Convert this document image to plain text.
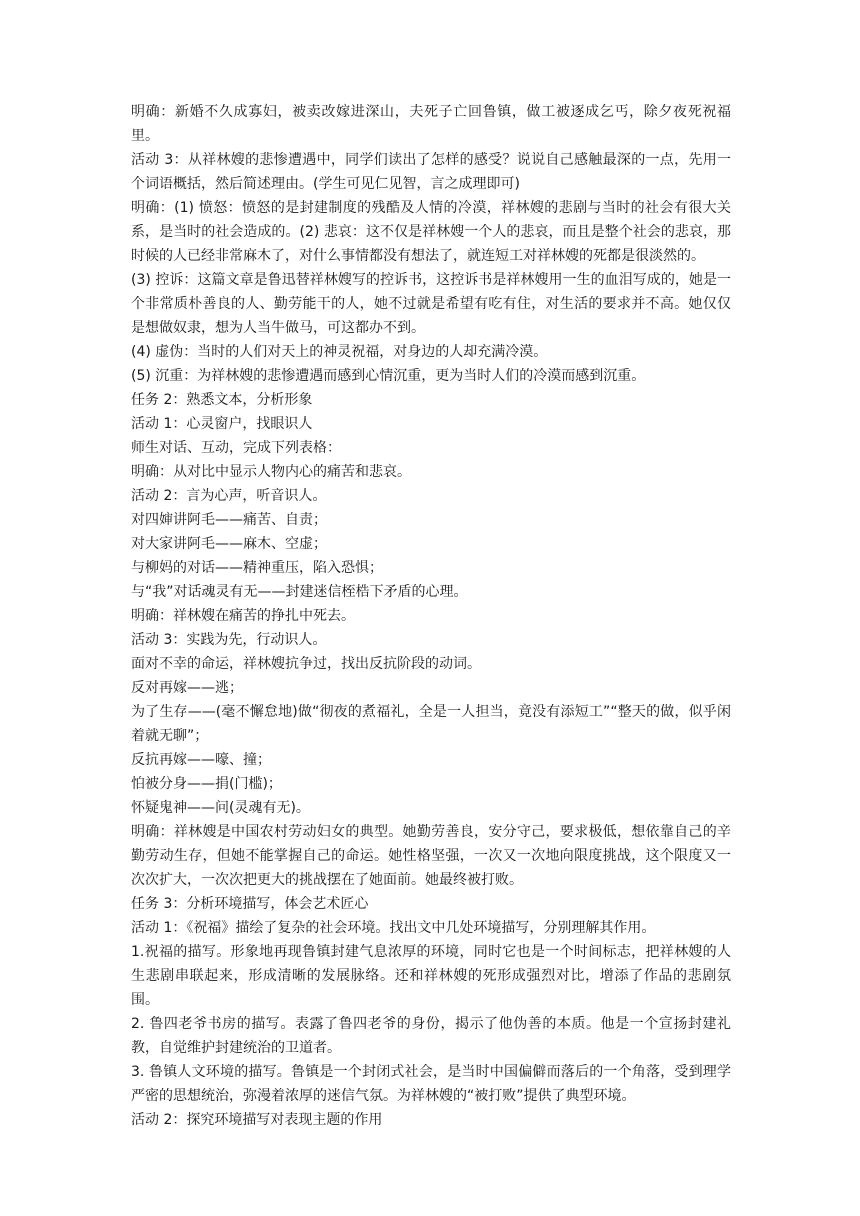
明确：新婚不久成寡妇，被卖改嫁进深山，夫死子亡回鲁镇，做工被逐成乞丐，除夕夜死祝福里。

活动 3：从祥林嫂的悲惨遭遇中，同学们读出了怎样的感受？说说自己感触最深的一点，先用一个词语概括，然后简述理由。(学生可见仁见智，言之成理即可)

明确：(1) 愤怒：愤怒的是封建制度的残酷及人情的冷漠，祥林嫂的悲剧与当时的社会有很大关系，是当时的社会造成的。(2) 悲哀：这不仅是祥林嫂一个人的悲哀，而且是整个社会的悲哀，那时候的人已经非常麻木了，对什么事情都没有想法了，就连短工对祥林嫂的死都是很淡然的。

(3) 控诉：这篇文章是鲁迅替祥林嫂写的控诉书，这控诉书是祥林嫂用一生的血泪写成的，她是一个非常质朴善良的人、勤劳能干的人，她不过就是希望有吃有住，对生活的要求并不高。她仅仅是想做奴隶，想为人当牛做马，可这都办不到。

(4) 虚伪：当时的人们对天上的神灵祝福，对身边的人却充满冷漠。

(5) 沉重：为祥林嫂的悲惨遭遇而感到心情沉重，更为当时人们的冷漠而感到沉重。

任务 2：熟悉文本，分析形象

活动 1：心灵窗户，找眼识人

师生对话、互动，完成下列表格：

明确：从对比中显示人物内心的痛苦和悲哀。

活动 2：言为心声，听音识人。

对四婶讲阿毛——痛苦、自责；

对大家讲阿毛——麻木、空虚；

与柳妈的对话——精神重压，陷入恐惧；

与“我”对话魂灵有无——封建迷信桎梏下矛盾的心理。

明确：祥林嫂在痛苦的挣扎中死去。

活动 3：实践为先，行动识人。

面对不幸的命运，祥林嫂抗争过，找出反抗阶段的动词。

反对再嫁——逃；

为了生存——(毫不懈怠地)做“彻夜的煮福礼，全是一人担当，竟没有添短工”“整天的做，似乎闲着就无聊”；

反抗再嫁——嚎、撞；

怕被分身——捐(门槛)；

怀疑鬼神——问(灵魂有无)。

明确：祥林嫂是中国农村劳动妇女的典型。她勤劳善良，安分守己，要求极低，想依靠自己的辛勤劳动生存，但她不能掌握自己的命运。她性格坚强，一次又一次地向限度挑战，这个限度又一次次扩大，一次次把更大的挑战摆在了她面前。她最终被打败。

任务 3：分析环境描写，体会艺术匠心

活动 1：《祝福》描绘了复杂的社会环境。找出文中几处环境描写，分别理解其作用。

1.祝福的描写。形象地再现鲁镇封建气息浓厚的环境，同时它也是一个时间标志，把祥林嫂的人生悲剧串联起来，形成清晰的发展脉络。还和祥林嫂的死形成强烈对比，增添了作品的悲剧氛围。

2. 鲁四老爷书房的描写。表露了鲁四老爷的身份，揭示了他伪善的本质。他是一个宣扬封建礼教，自觉维护封建统治的卫道者。

3. 鲁镇人文环境的描写。鲁镇是一个封闭式社会，是当时中国偏僻而落后的一个角落，受到理学严密的思想统治，弥漫着浓厚的迷信气氛。为祥林嫂的“被打败”提供了典型环境。

活动 2：探究环境描写对表现主题的作用
